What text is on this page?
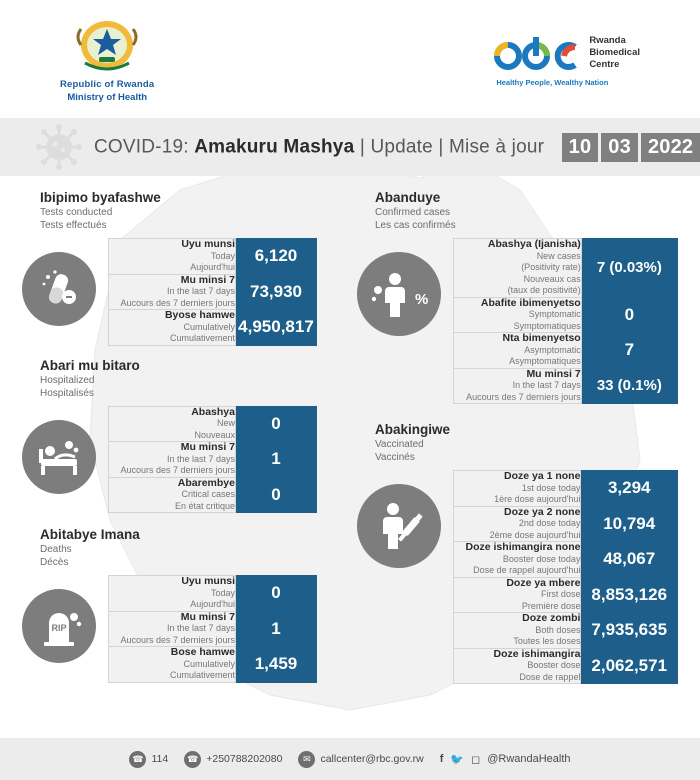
Republic of Rwanda
Ministry of Health
Rwanda
Biomedical
Centre
Healthy People, Wealthy Nation
COVID-19: Amakuru Mashya | Update | Mise à jour	10 03 2022
Ibipimo byafashwe
Tests conducted
Tests effectués
Uyu munsi
Today
Aujourd'hui	6,120

Mu minsi 7
In the last 7 days
Aucours des 7 derniers jours	73,930

Byose hamwe
Cumulatively
Cumulativement	4,950,817
Abari mu bitaro
Hospitalized
Hospitalisés
Abashya
New
Nouveaux	0

Mu minsi 7
In the last 7 days
Aucours des 7 derniers jours	1

Abarembye
Critical cases
En état critique	0
Abitabye Imana
Deaths
Décès
RIP
Uyu munsi
Today
Aujourd'hui	0

Mu minsi 7
In the last 7 days
Aucours des 7 derniers jours	1

Bose hamwe
Cumulatively
Cumulativement	1,459
Abanduye
Confirmed cases
Les cas confirmés
%
Abashya (Ijanisha)
New cases
(Positivity rate)
Nouveaux cas
(taux de positivité)	7 (0.03%)

Abafite ibimenyetso
Symptomatic
Symptomatiques	0

Nta bimenyetso
Asymptomatic
Asymptomatiques	7

Mu minsi 7
In the last 7 days
Aucours des 7 derniers jours	33 (0.1%)
Abakingiwe
Vaccinated
Vaccinés
Doze ya 1 none
1st dose today
1ère dose aujourd'hui	3,294

Doze ya 2 none
2nd dose today
2ème dose aujourd'hui	10,794

Doze ishimangira none
Booster dose today
Dose de rappel aujourd'hui	48,067

Doze ya mbere
First dose
Première dose	8,853,126

Doze zombi
Both doses
Toutes les doses	7,935,635

Doze ishimangira
Booster dose
Dose de rappel	2,062,571
☎ 114	☎ +250788202080	✉ callcenter@rbc.gov.rw f 🐦 ◻ @RwandaHealth
